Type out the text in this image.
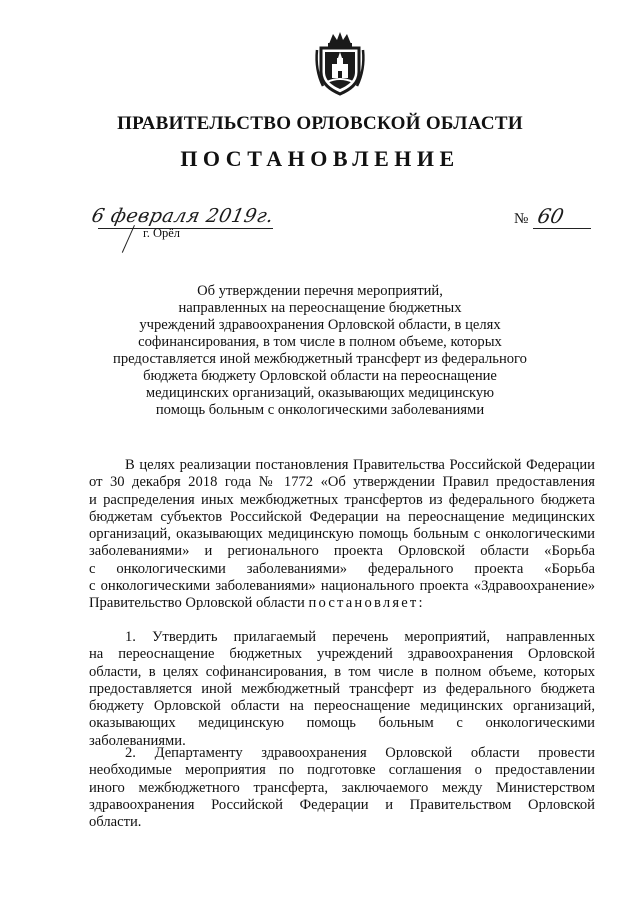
ПРАВИТЕЛЬСТВО ОРЛОВСКОЙ ОБЛАСТИ
ПОСТАНОВЛЕНИЕ
6 февраля 2019г.
г. Орёл
№ 60
Об утверждении перечня мероприятий,
направленных на переоснащение бюджетных
учреждений здравоохранения Орловской области, в целях
софинансирования, в том числе в полном объеме, которых
предоставляется иной межбюджетный трансферт из федерального
бюджета бюджету Орловской области на переоснащение
медицинских организаций, оказывающих медицинскую
помощь больным с онкологическими заболеваниями
В целях реализации постановления Правительства Российской Федерации
от 30 декабря 2018 года № 1772 «Об утверждении Правил предоставления
и распределения иных межбюджетных трансфертов из федерального бюджета
бюджетам субъектов Российской Федерации на переоснащение медицинских
организаций, оказывающих медицинскую помощь больным с онкологическими
заболеваниями» и регионального проекта Орловской области «Борьба
с онкологическими заболеваниями» федерального проекта «Борьба
с онкологическими заболеваниями» национального проекта «Здравоохранение»
Правительство Орловской области постановляет:
1. Утвердить прилагаемый перечень мероприятий, направленных
на переоснащение бюджетных учреждений здравоохранения Орловской
области, в целях софинансирования, в том числе в полном объеме, которых
предоставляется иной межбюджетный трансферт из федерального бюджета
бюджету Орловской области на переоснащение медицинских организаций,
оказывающих медицинскую помощь больным с онкологическими
заболеваниями.
2. Департаменту здравоохранения Орловской области провести
необходимые мероприятия по подготовке соглашения о предоставлении
иного межбюджетного трансферта, заключаемого между Министерством
здравоохранения Российской Федерации и Правительством Орловской
области.
